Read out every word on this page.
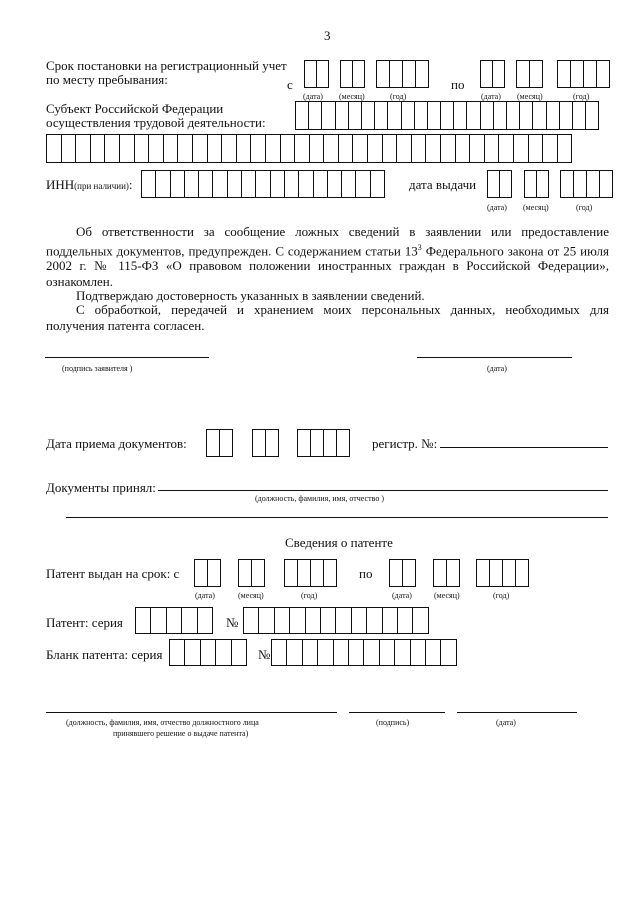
3
Срок постановки на регистрационный учет
по месту пребывания:	с
(дата) (месяц)	(год)
по
(дата) (месяц)	(год)
Субъект Российской Федерации
осуществления трудовой деятельности:
ИНН(при наличии):	дата выдачи
(дата) (месяц)	(год)
Об ответственности за сообщение ложных сведений в заявлении или предоставление поддельных документов, предупрежден. С содержанием статьи $13^3$ Федерального закона от 25 июля 2002 г. № 115-ФЗ «О правовом положении иностранных граждан в Российской Федерации», ознакомлен.
Подтверждаю достоверность указанных в заявлении сведений.
С обработкой, передачей и хранением моих персональных данных, необходимых для получения патента согласен.
(подпись заявителя )	(дата)
Дата приема документов:	регистр. №:
Документы принял:
(должность, фамилия, имя, отчество )
Сведения о патенте
Патент выдан на срок: с
(дата)	(месяц)	(год)
по
(дата)	(месяц)	(год)
Патент: серия	№
Бланк патента: серия	№
(должность, фамилия, имя, отчество должностного лица
принявшего решение о выдаче патента)
(подпись)	(дата)
